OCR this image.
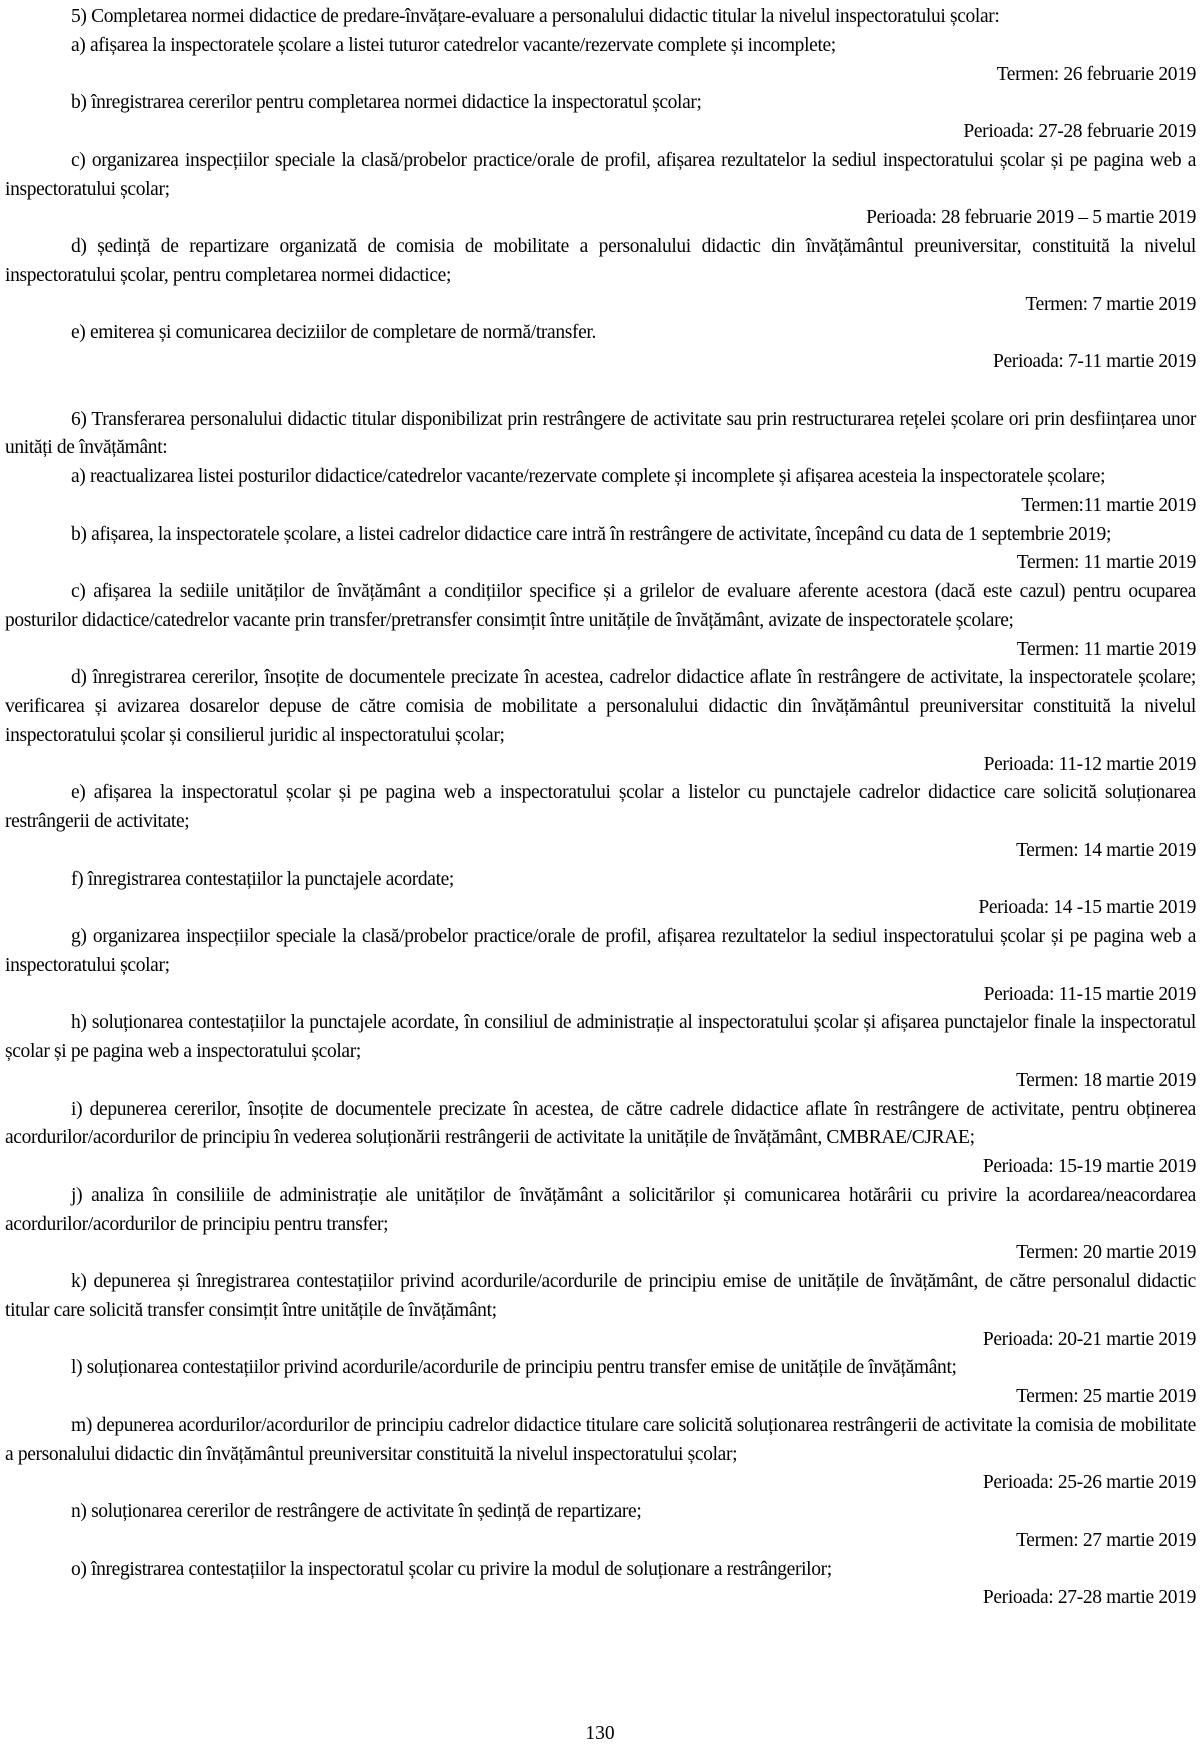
5) Completarea normei didactice de predare-învățare-evaluare a personalului didactic titular la nivelul inspectoratului școlar:

a) afișarea la inspectoratele școlare a listei tuturor catedrelor vacante/rezervate complete și incomplete;

Termen: 26 februarie 2019

b) înregistrarea cererilor pentru completarea normei didactice la inspectoratul școlar;

Perioada: 27-28 februarie 2019

c) organizarea inspecțiilor speciale la clasă/probelor practice/orale de profil, afișarea rezultatelor la sediul inspectoratului școlar și pe pagina web a inspectoratului școlar;

Perioada: 28 februarie 2019 – 5 martie 2019

d) ședință de repartizare organizată de comisia de mobilitate a personalului didactic din învățământul preuniversitar, constituită la nivelul inspectoratului școlar, pentru completarea normei didactice;

Termen: 7 martie 2019

e) emiterea și comunicarea deciziilor de completare de normă/transfer.

Perioada: 7-11 martie 2019

6) Transferarea personalului didactic titular disponibilizat prin restrângere de activitate sau prin restructurarea rețelei școlare ori prin desființarea unor unități de învățământ:

a) reactualizarea listei posturilor didactice/catedrelor vacante/rezervate complete și incomplete și afișarea acesteia la inspectoratele școlare;

Termen:11 martie 2019

b) afișarea, la inspectoratele școlare, a listei cadrelor didactice care intră în restrângere de activitate, începând cu data de 1 septembrie 2019;

Termen: 11 martie 2019

c) afișarea la sediile unităților de învățământ a condițiilor specifice și a grilelor de evaluare aferente acestora (dacă este cazul) pentru ocuparea posturilor didactice/catedrelor vacante prin transfer/pretransfer consimțit între unitățile de învățământ, avizate de inspectoratele școlare;

Termen: 11 martie 2019

d) înregistrarea cererilor, însoțite de documentele precizate în acestea, cadrelor didactice aflate în restrângere de activitate, la inspectoratele școlare; verificarea și avizarea dosarelor depuse de către comisia de mobilitate a personalului didactic din învățământul preuniversitar constituită la nivelul inspectoratului școlar și consilierul juridic al inspectoratului școlar;

Perioada: 11-12 martie 2019

e) afișarea la inspectoratul școlar și pe pagina web a inspectoratului școlar a listelor cu punctajele cadrelor didactice care solicită soluționarea restrângerii de activitate;

Termen: 14 martie 2019

f) înregistrarea contestațiilor la punctajele acordate;

Perioada: 14 -15 martie 2019

g) organizarea inspecțiilor speciale la clasă/probelor practice/orale de profil, afișarea rezultatelor la sediul inspectoratului școlar și pe pagina web a inspectoratului școlar;

Perioada: 11-15 martie 2019

h) soluționarea contestațiilor la punctajele acordate, în consiliul de administrație al inspectoratului școlar și afișarea punctajelor finale la inspectoratul școlar și pe pagina web a inspectoratului școlar;

Termen: 18 martie 2019

i) depunerea cererilor, însoțite de documentele precizate în acestea, de către cadrele didactice aflate în restrângere de activitate, pentru obținerea acordurilor/acordurilor de principiu în vederea soluționării restrângerii de activitate la unitățile de învățământ, CMBRAE/CJRAE;

Perioada: 15-19 martie 2019

j) analiza în consiliile de administrație ale unităților de învățământ a solicitărilor și comunicarea hotărârii cu privire la acordarea/neacordarea acordurilor/acordurilor de principiu pentru transfer;

Termen: 20 martie 2019

k) depunerea și înregistrarea contestațiilor privind acordurile/acordurile de principiu emise de unitățile de învățământ, de către personalul didactic titular care solicită transfer consimțit între unitățile de învățământ;

Perioada: 20-21 martie 2019

l) soluționarea contestațiilor privind acordurile/acordurile de principiu pentru transfer emise de unitățile de învățământ;

Termen: 25 martie 2019

m) depunerea acordurilor/acordurilor de principiu cadrelor didactice titulare care solicită soluționarea restrângerii de activitate la comisia de mobilitate a personalului didactic din învățământul preuniversitar constituită la nivelul inspectoratului școlar;

Perioada: 25-26 martie 2019

n) soluționarea cererilor de restrângere de activitate în ședință de repartizare;

Termen: 27 martie 2019

o) înregistrarea contestațiilor la inspectoratul școlar cu privire la modul de soluționare a restrângerilor;

Perioada: 27-28 martie 2019

130
